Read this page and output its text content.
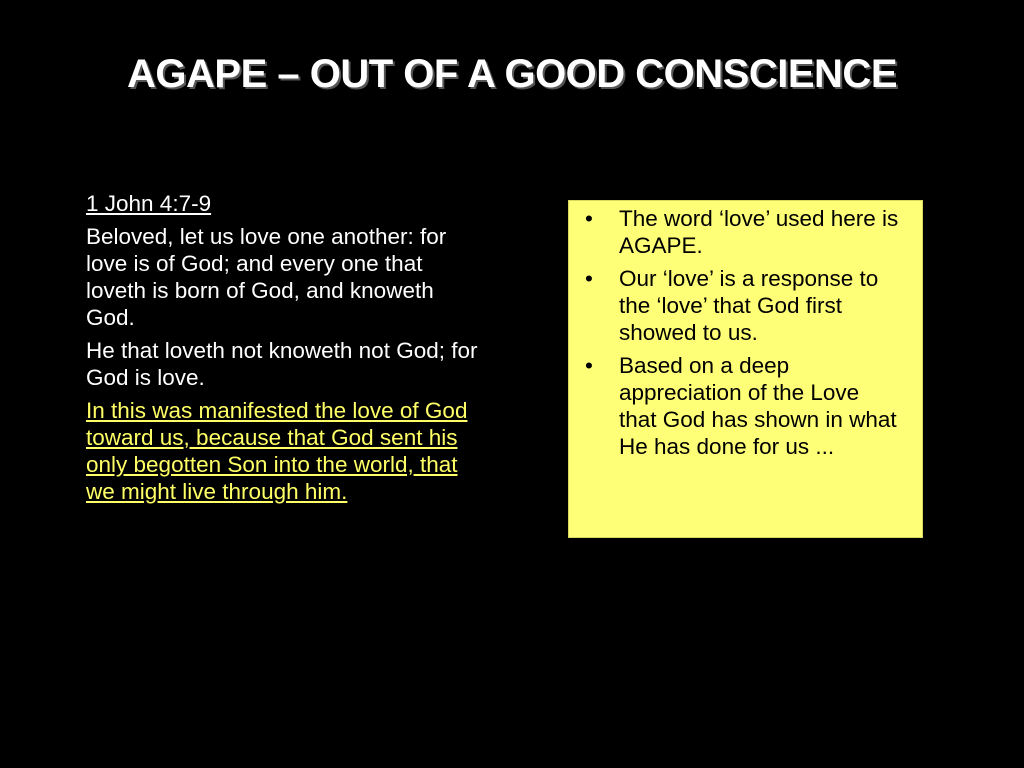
AGAPE – OUT OF A GOOD CONSCIENCE

1 John 4:7-9

Beloved, let us love one another: for love is of God; and every one that loveth is born of God, and knoweth God.

He that loveth not knoweth not God; for God is love.

In this was manifested the love of God toward us, because that God sent his only begotten Son into the world, that we might live through him.

• The word ‘love’ used here is AGAPE.
• Our ‘love’ is a response to the ‘love’ that God first showed to us.
• Based on a deep appreciation of the Love that God has shown in what He has done for us ...
